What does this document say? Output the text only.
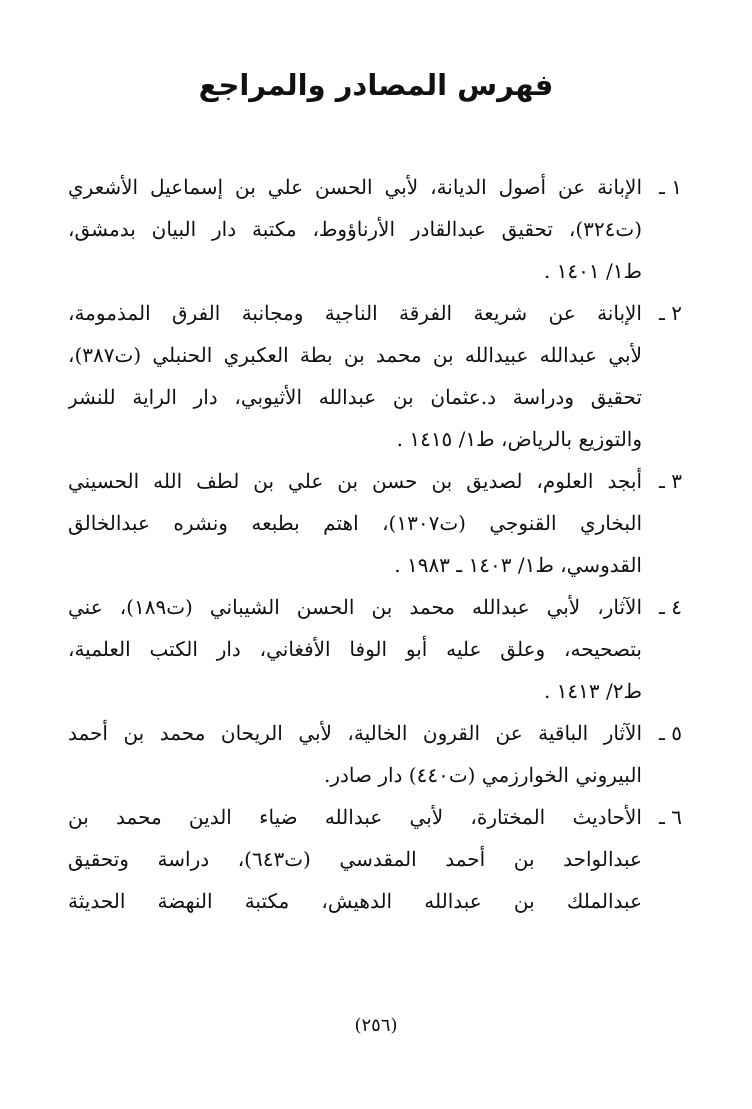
فهرس المصادر والمراجع
١ ـ
الإبانة عن أصول الديانة، لأبي الحسن علي بن إسماعيل الأشعري
(ت٣٢٤)، تحقيق عبدالقادر الأرناؤوط، مكتبة دار البيان بدمشق،
ط١/ ١٤٠١ .
٢ ـ
الإبانة عن شريعة الفرقة الناجية ومجانبة الفرق المذمومة،
لأبي عبدالله عبيدالله بن محمد بن بطة العكبري الحنبلي (ت٣٨٧)،
تحقيق ودراسة د.عثمان بن عبدالله الأثيوبي، دار الراية للنشر
والتوزيع بالرياض، ط١/ ١٤١٥ .
٣ ـ
أبجد العلوم، لصديق بن حسن بن علي بن لطف الله الحسيني
البخاري القنوجي (ت١٣٠٧)، اهتم بطبعه ونشره عبدالخالق
القدوسي، ط١/ ١٤٠٣ ـ ١٩٨٣ .
٤ ـ
الآثار، لأبي عبدالله محمد بن الحسن الشيباني (ت١٨٩)، عني
بتصحيحه، وعلق عليه أبو الوفا الأفغاني، دار الكتب العلمية،
ط٢/ ١٤١٣ .
٥ ـ
الآثار الباقية عن القرون الخالية، لأبي الريحان محمد بن أحمد
البيروني الخوارزمي (ت٤٤٠) دار صادر.
٦ ـ
الأحاديث المختارة، لأبي عبدالله ضياء الدين محمد بن
عبدالواحد بن أحمد المقدسي (ت٦٤٣)، دراسة وتحقيق
عبدالملك بن عبدالله الدهيش، مكتبة النهضة الحديثة
(٢٥٦)
